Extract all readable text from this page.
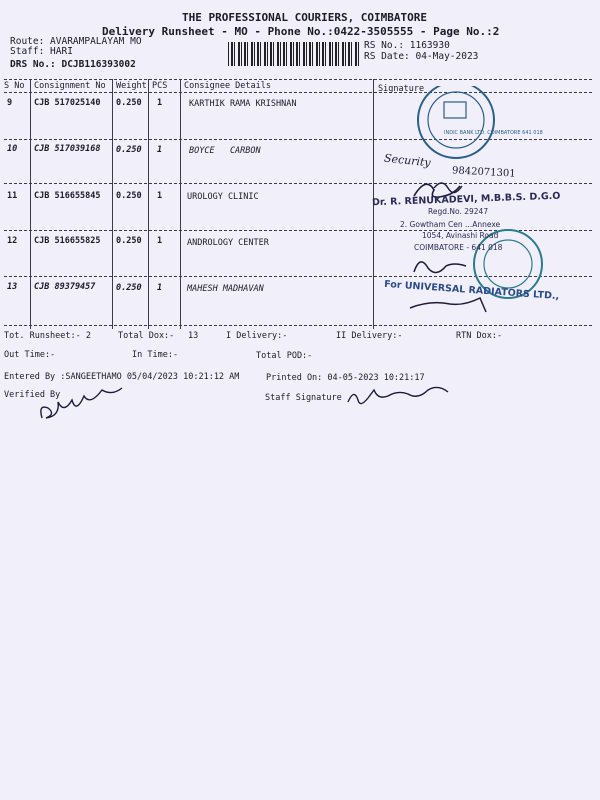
THE PROFESSIONAL COURIERS, COIMBATORE
Delivery Runsheet - MO - Phone No.:0422-3505555 - Page No.:2
Route: AVARAMPALAYAM MO
Staff: HARI
DRS No.: DCJB116393002
RS No.: 1163930
RS Date: 04-May-2023
S No Consignment No Weight PCS Consignee Details	Signature
9	CJB 517025140 0.250 1	KARTHIK RAMA KRISHNAN
10 CJB 517039168 0.250 1	BOYCE   CARBON
11 CJB 516655845 0.250 1	UROLOGY CLINIC
12 CJB 516655825 0.250 1	ANDROLOGY CENTER
13 CJB 89379457 0.250 1	MAHESH MADHAVAN
INDIC BANK LTD. COIMBATORE 641 018
Security
9842071301
Dr. R. RENUKADEVI, M.B.B.S. D.G.O
Regd.No. 29247
2. Gowtham Cen ...Annexe
1054, Avinashi Road
COIMBATORE - 641 018
For UNIVERSAL RADIATORS LTD.,
Tot. Runsheet:- 2	Total Dox:- 13	I Delivery:-	II Delivery:-	RTN Dox:-
Out Time:-	In Time:-	Total POD:-
Entered By :SANGEETHAMO 05/04/2023 10:21:12 AM	Printed On: 04-05-2023 10:21:17
Verified By	Staff Signature
